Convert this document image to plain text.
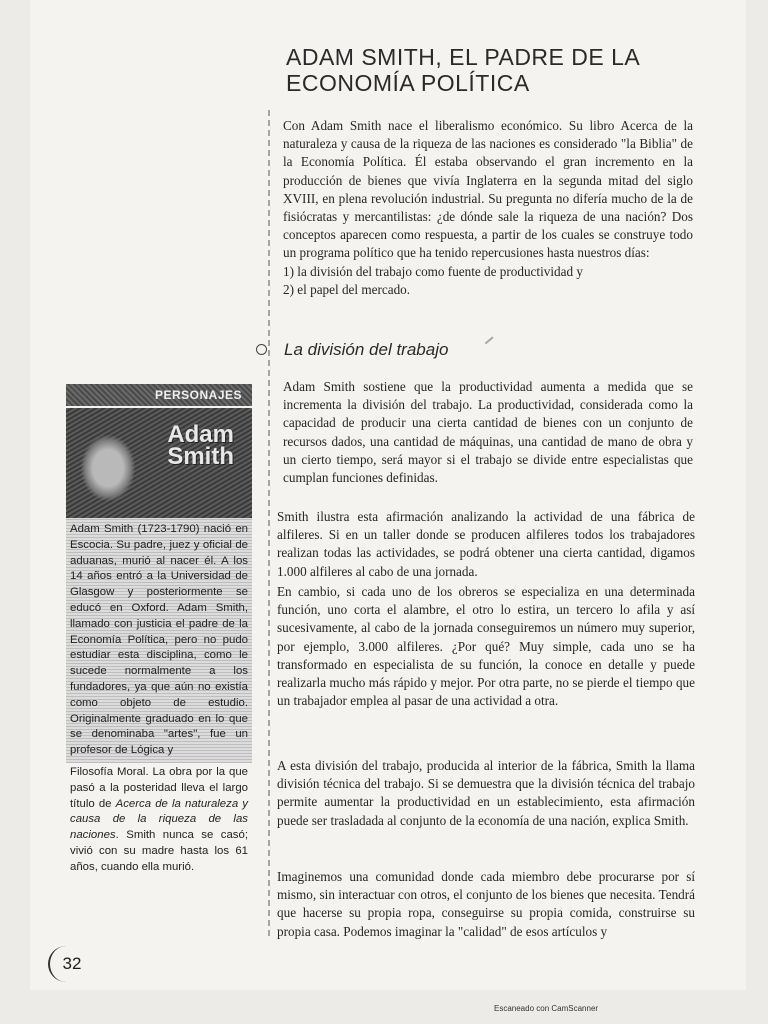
ADAM SMITH, EL PADRE DE LA
ECONOMÍA POLÍTICA
Con Adam Smith nace el liberalismo económico. Su libro Acerca de la naturaleza y causa de la riqueza de las naciones es considerado "la Biblia" de la Economía Política. Él estaba observando el gran incremento en la producción de bienes que vivía Inglaterra en la segunda mitad del siglo XVIII, en plena revolución industrial. Su pregunta no difería mucho de la de fisiócratas y mercantilistas: ¿de dónde sale la riqueza de una nación? Dos conceptos aparecen como respuesta, a partir de los cuales se construye todo un programa político que ha tenido repercusiones hasta nuestros días:
1) la división del trabajo como fuente de productividad y
2) el papel del mercado.
La división del trabajo

Adam Smith sostiene que la productividad aumenta a medida que se incrementa la división del trabajo. La productividad, considerada como la capacidad de producir una cierta cantidad de bienes con un conjunto de recursos dados, una cantidad de máquinas, una cantidad de mano de obra y un cierto tiempo, será mayor si el trabajo se divide entre especialistas que cumplan funciones definidas.

Smith ilustra esta afirmación analizando la actividad de una fábrica de alfileres. Si en un taller donde se producen alfileres todos los trabajadores realizan todas las actividades, se podrá obtener una cierta cantidad, digamos 1.000 alfileres al cabo de una jornada.

En cambio, si cada uno de los obreros se especializa en una determinada función, uno corta el alambre, el otro lo estira, un tercero lo afila y así sucesivamente, al cabo de la jornada conseguiremos un número muy superior, por ejemplo, 3.000 alfileres. ¿Por qué? Muy simple, cada uno se ha transformado en especialista de su función, la conoce en detalle y puede realizarla mucho más rápido y mejor. Por otra parte, no se pierde el tiempo que un trabajador emplea al pasar de una actividad a otra.

A esta división del trabajo, producida al interior de la fábrica, Smith la llama división técnica del trabajo. Si se demuestra que la división técnica del trabajo permite aumentar la productividad en un establecimiento, esta afirmación puede ser trasladada al conjunto de la economía de una nación, explica Smith.

Imaginemos una comunidad donde cada miembro debe procurarse por sí mismo, sin interactuar con otros, el conjunto de los bienes que necesita. Tendrá que hacerse su propia ropa, conseguirse su propia comida, construirse su propia casa. Podemos imaginar la "calidad" de esos artículos y

PERSONAJES
Adam
Smith
Adam Smith (1723-1790) nació en Escocia. Su padre, juez y oficial de aduanas, murió al nacer él. A los 14 años entró a la Universidad de Glasgow y posteriormente se educó en Oxford. Adam Smith, llamado con justicia el padre de la Economía Política, pero no pudo estudiar esta disciplina, como le sucede normalmente a los fundadores, ya que aún no existía como objeto de estudio. Originalmente graduado en lo que se denominaba "artes", fue un profesor de Lógica y
Filosofía Moral. La obra por la que pasó a la posteridad lleva el largo título de Acerca de la naturaleza y causa de la riqueza de las naciones. Smith nunca se casó; vivió con su madre hasta los 61 años, cuando ella murió.
32
Escaneado con CamScanner
